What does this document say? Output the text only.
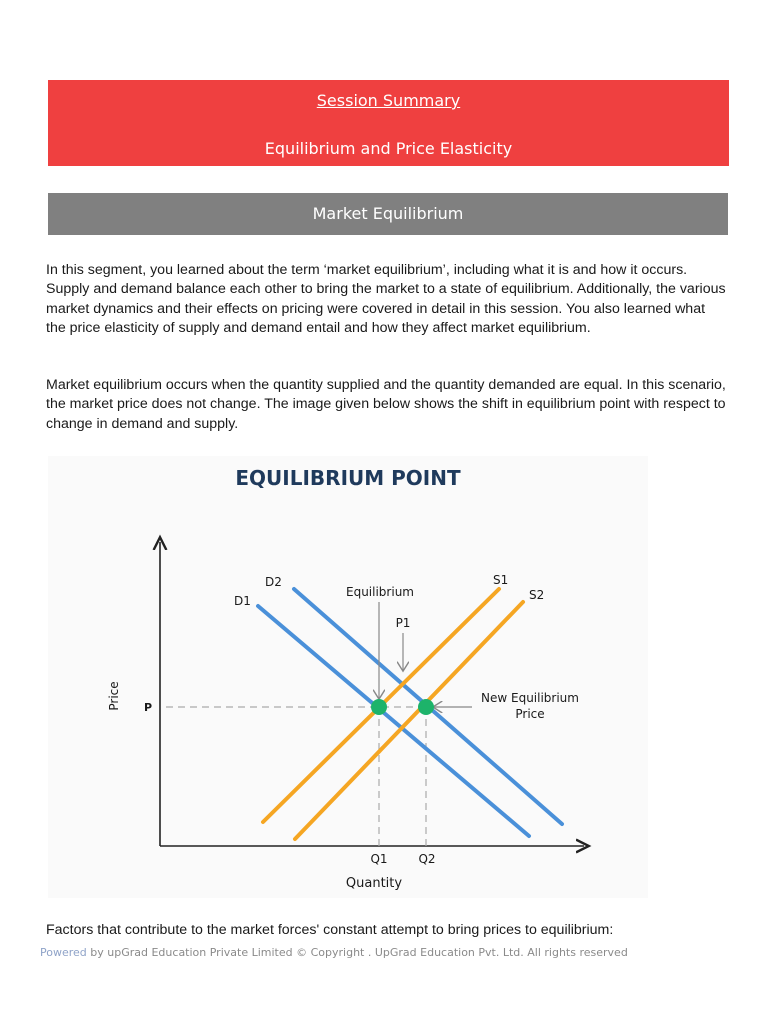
Session Summary
Equilibrium and Price Elasticity
Market Equilibrium

In this segment, you learned about the term ‘market equilibrium’, including what it is and how it occurs. Supply and demand balance each other to bring the market to a state of equilibrium. Additionally, the various market dynamics and their effects on pricing were covered in detail in this session. You also learned what the price elasticity of supply and demand entail and how they affect market equilibrium.

Market equilibrium occurs when the quantity supplied and the quantity demanded are equal. In this scenario, the market price does not change. The image given below shows the shift in equilibrium point with respect to change in demand and supply.

EQUILIBRIUM POINT
D2
D1
S1
S2
Equilibrium
P1
New Equilibrium
Price
P
Q1	Q2
Quantity
Price

Factors that contribute to the market forces' constant attempt to bring prices to equilibrium:

Powered by upGrad Education Private Limited © Copyright . UpGrad Education Pvt. Ltd. All rights reserved
